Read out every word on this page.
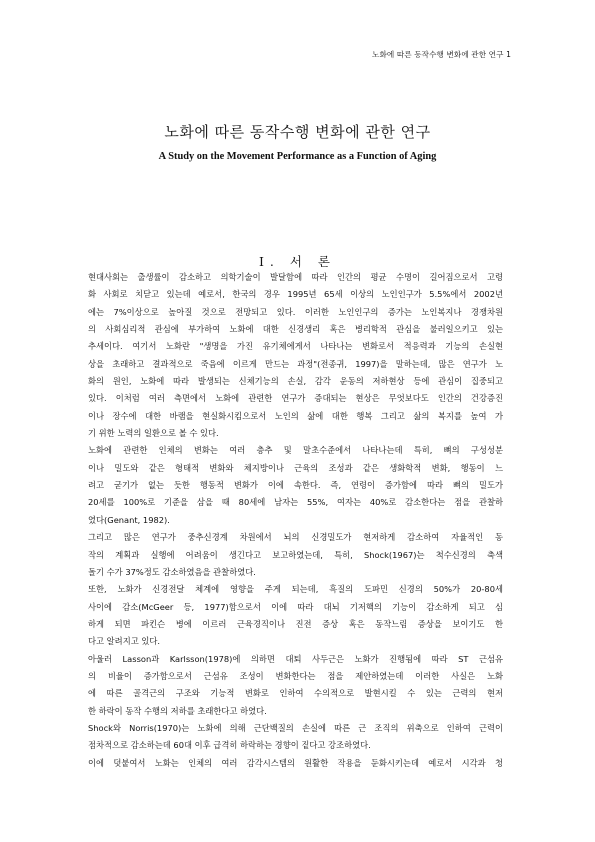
노화에 따른 동작수행 변화에 관한 연구 1
노화에 따른 동작수행 변화에 관한 연구
A Study on the Movement Performance as a Function of Aging
Ⅰ. 서 론
현대사회는 출생률이 감소하고 의학기술이 발달함에 따라 인간의 평균 수명이 길어짐으로서 고령
화 사회로 치닫고 있는데 예로서, 한국의 경우 1995년 65세 이상의 노인인구가 5.5%에서 2002년
에는 7%이상으로 높아질 것으로 전망되고 있다. 이러한 노인인구의 증가는 노인복지나 경쟁차원
의 사회심리적 관심에 부가하여 노화에 대한 신경생리 혹은 병리학적 관심을 불러일으키고 있는
추세이다. 여기서 노화란 "생명을 가진 유기체에게서 나타나는 변화로서 적응력과 기능의 손실현
상을 초래하고 결과적으로 죽음에 이르게 만드는 과정"(전종귀, 1997)을 말하는데, 많은 연구가 노
화의 원인, 노화에 따라 발생되는 신체기능의 손실, 감각 운동의 저하현상 등에 관심이 집중되고
있다. 이처럼 여러 측면에서 노화에 관련한 연구가 증대되는 현상은 무엇보다도 인간의 건강증진
이나 장수에 대한 바램을 현실화시킴으로서 노인의 삶에 대한 행복 그리고 삶의 복지를 높여 가
기 위한 노력의 일환으로 볼 수 있다.
노화에 관련한 인체의 변화는 여러 층추 및 말초수준에서 나타나는데 특히, 뼈의 구성성분
이나 밀도와 같은 형태적 변화와 체지방이나 근육의 조성과 같은 생화학적 변화, 행동이 느
려고 굳기가 없는 듯한 행동적 변화가 이에 속한다. 즉, 연령이 증가함에 따라 뼈의 밀도가
20세를 100%로 기준을 삼을 때 80세에 남자는 55%, 여자는 40%로 감소한다는 점을 관찰하
였다(Genant, 1982).
그리고 많은 연구가 중추신경계 차원에서 뇌의 신경밀도가 현저하게 감소하여 자율적인 동
작의 계획과 실행에 어려움이 생긴다고 보고하였는데, 특히, Shock(1967)는 척수신경의 축색
돌기 수가 37%정도 감소하였음을 관찰하였다.
또한, 노화가 신경전달 체계에 영향을 주게 되는데, 흑질의 도파민 신경의 50%가 20-80세
사이에 감소(McGeer 등, 1977)함으로서 이에 따라 대뇌 기저핵의 기능이 감소하게 되고 심
하게 되면 파킨슨 병에 이르러 근육경직이나 진전 증상 혹은 동작느림 증상을 보이기도 한
다고 알려지고 있다.
아울러 Lasson과 Karlsson(1978)에 의하면 대퇴 사두근은 노화가 진행됨에 따라 ST 근섬유
의 비율이 증가함으로서 근섬유 조성이 변화한다는 점을 제안하였는데 이러한 사실은 노화
에 따른 골격근의 구조와 기능적 변화로 인하여 수의적으로 발현시킬 수 있는 근력의 현저
한 하락이 동작 수행의 저하를 초래한다고 하였다.
Shock와 Norris(1970)는 노화에 의해 근단백질의 손실에 따른 근 조직의 위축으로 인하여 근력이
점차적으로 감소하는데 60대 이후 급격히 하락하는 경향이 짙다고 강조하였다.
이에 덧붙여서 노화는 인체의 여러 감각시스템의 원활한 작용을 둔화시키는데 예로서 시각과 청
